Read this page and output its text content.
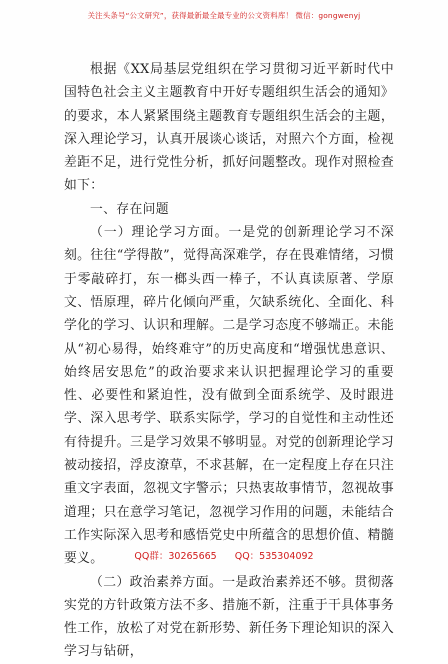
关注头条号“公文研究”，获得最新最全最专业的公文资料库！ 微信：gongwenyj

根据《XX局基层党组织在学习贯彻习近平新时代中国特色社会主义主题教育中开好专题组织生活会的通知》的要求，本人紧紧围绕主题教育专题组织生活会的主题，深入理论学习，认真开展谈心谈话，对照六个方面，检视差距不足，进行党性分析，抓好问题整改。现作对照检查如下：

一、存在问题

（一）理论学习方面。一是党的创新理论学习不深刻。往往“学得散”，觉得高深难学，存在畏难情绪，习惯于零敲碎打，东一榔头西一棒子，不认真读原著、学原文、悟原理，碎片化倾向严重，欠缺系统化、全面化、科学化的学习、认识和理解。二是学习态度不够端正。未能从“初心易得，始终难守”的历史高度和“增强忧患意识、始终居安思危”的政治要求来认识把握理论学习的重要性、必要性和紧迫性，没有做到全面系统学、及时跟进学、深入思考学、联系实际学，学习的自觉性和主动性还有待提升。三是学习效果不够明显。对党的创新理论学习被动接招，浮皮潦草，不求甚解，在一定程度上存在只注重文字表面，忽视文字警示；只热衷故事情节，忽视故事道理；只在意学习笔记，忽视学习作用的问题，未能结合工作实际深入思考和感悟党史中所蕴含的思想价值、精髓要义。

（二）政治素养方面。一是政治素养还不够。贯彻落实党的方针政策方法不多、措施不新，注重于干具体事务性工作，放松了对党在新形势、新任务下理论知识的深入学习与钻研，

QQ群：30265665 QQ：535304092
